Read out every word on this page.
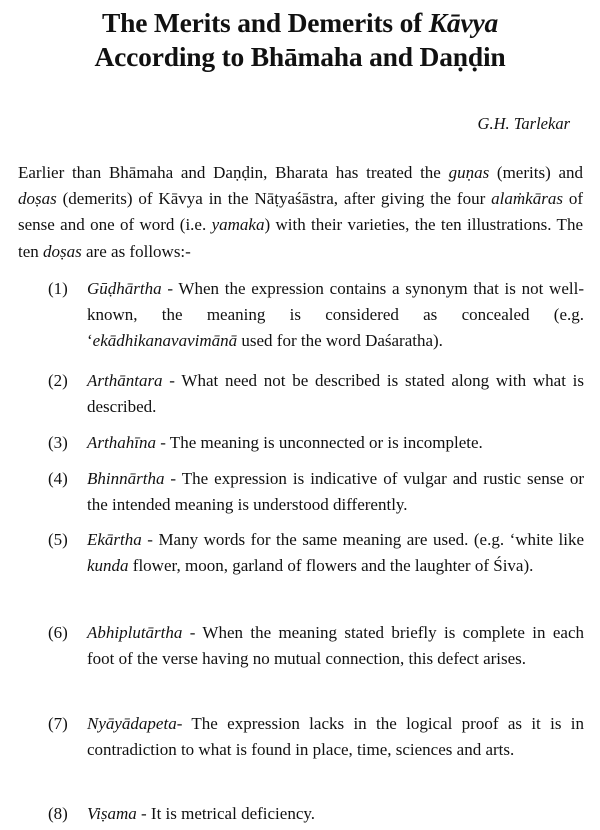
The Merits and Demerits of Kāvya
According to Bhāmaha and Daṇḍin
G.H. Tarlekar

Earlier than Bhāmaha and Daṇḍin, Bharata has treated the guṇas (merits) and doṣas (demerits) of Kāvya in the Nāṭyaśāstra, after giving the four alaṁkāras of sense and one of word (i.e. yamaka) with their varieties, the ten illustrations. The ten doṣas are as follows:-

(1) Gūḍhārtha - When the expression contains a synonym that is not well-known, the meaning is considered as concealed (e.g. ‘ekādhikanavavimānā used for the word Daśaratha).
(2) Arthāntara - What need not be described is stated along with what is described.
(3) Arthahīna - The meaning is unconnected or is incomplete.
(4) Bhinnārtha - The expression is indicative of vulgar and rustic sense or the intended meaning is understood differently.
(5) Ekārtha - Many words for the same meaning are used. (e.g. ‘white like kunda flower, moon, garland of flowers and the laughter of Śiva).
(6) Abhiplutārtha - When the meaning stated briefly is complete in each foot of the verse having no mutual connection, this defect arises.
(7) Nyāyādapeta- The expression lacks in the logical proof as it is in contradiction to what is found in place, time, sciences and arts.
(8) Viṣama - It is metrical deficiency.
